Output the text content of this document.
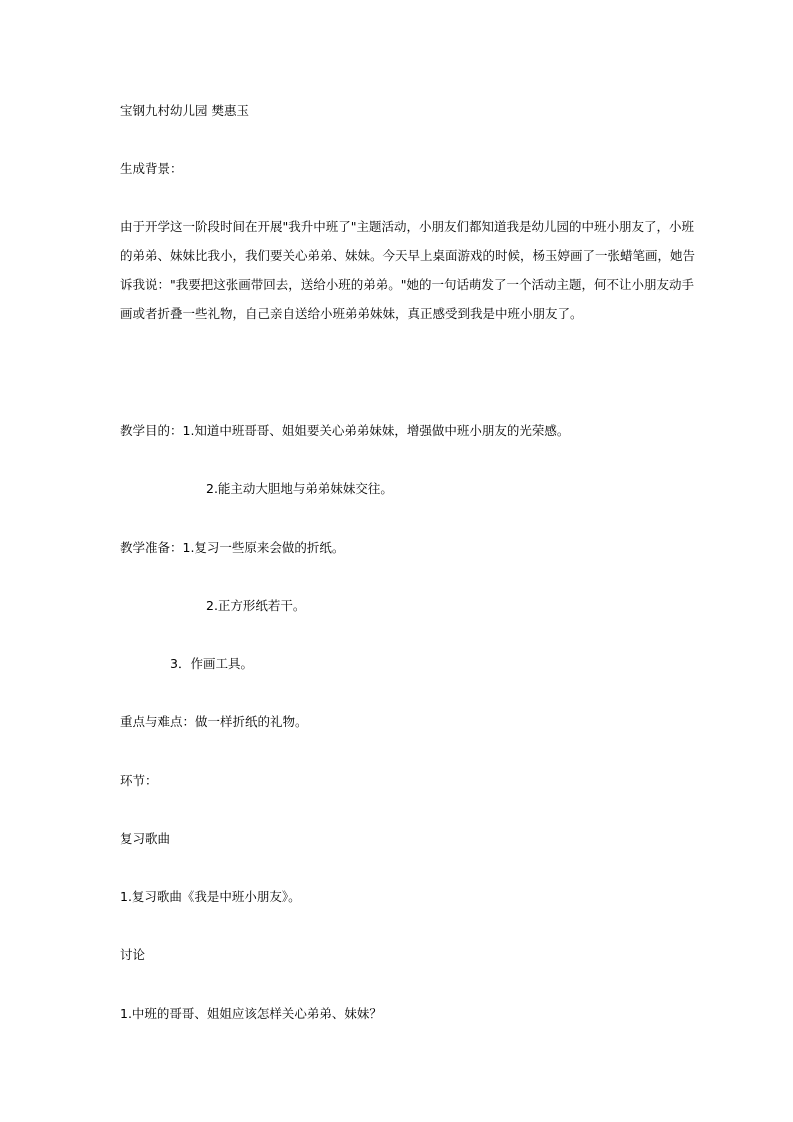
宝钢九村幼儿园 樊惠玉
生成背景：
由于开学这一阶段时间在开展"我升中班了"主题活动，小朋友们都知道我是幼儿园的中班小朋友了，小班
的弟弟、妹妹比我小，我们要关心弟弟、妹妹。今天早上桌面游戏的时候，杨玉婷画了一张蜡笔画，她告
诉我说："我要把这张画带回去，送给小班的弟弟。"她的一句话萌发了一个活动主题，何不让小朋友动手
画或者折叠一些礼物，自己亲自送给小班弟弟妹妹，真正感受到我是中班小朋友了。
教学目的：1.知道中班哥哥、姐姐要关心弟弟妹妹，增强做中班小朋友的光荣感。
2.能主动大胆地与弟弟妹妹交往。
教学准备：1.复习一些原来会做的折纸。
2.正方形纸若干。
3．作画工具。
重点与难点：做一样折纸的礼物。
环节：
复习歌曲
1.复习歌曲《我是中班小朋友》。
讨论
1.中班的哥哥、姐姐应该怎样关心弟弟、妹妹？
